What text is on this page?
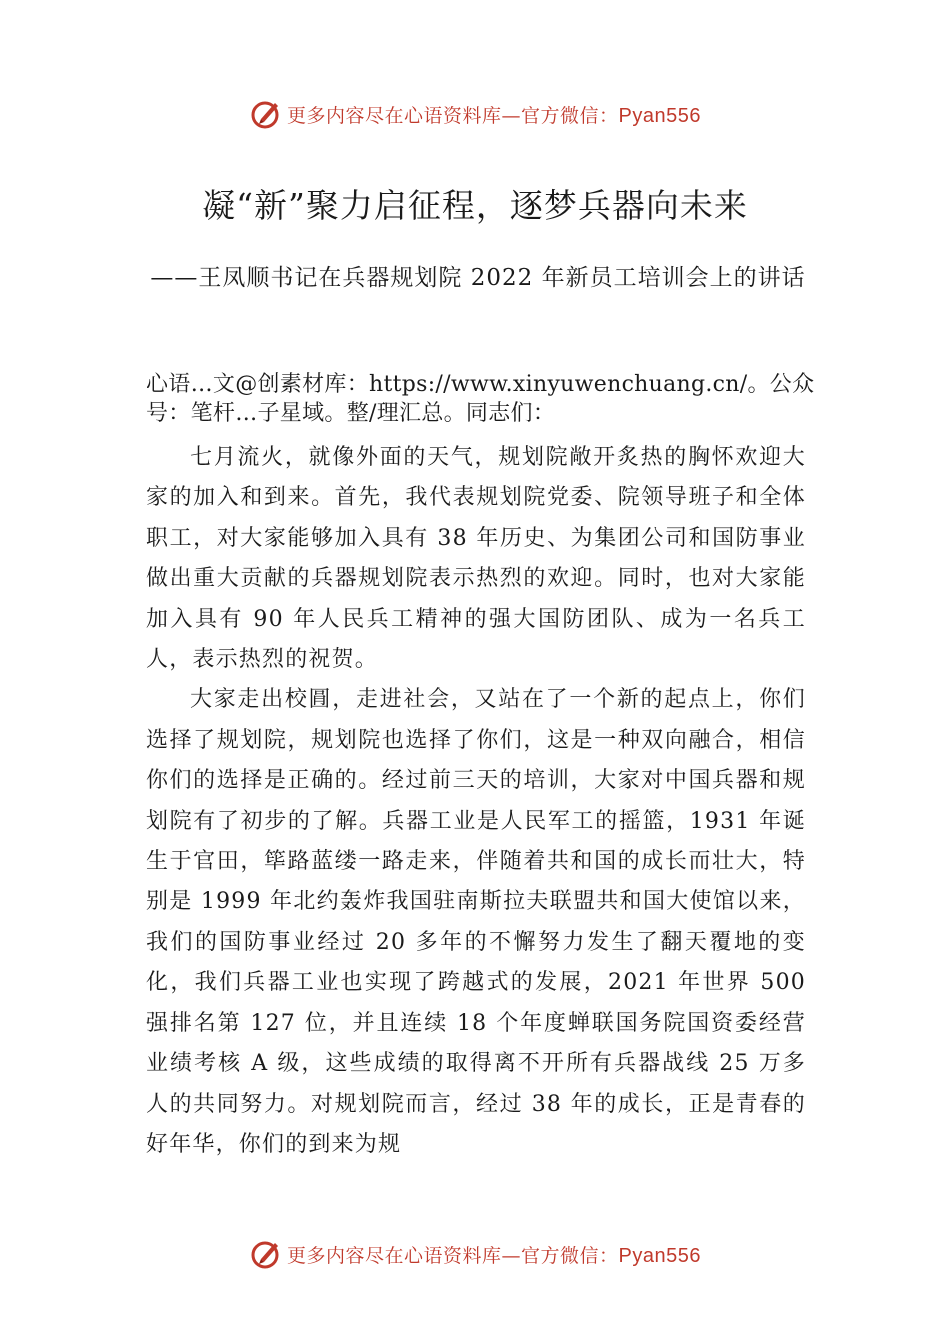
更多内容尽在心语资料库—官方微信：Pyan556
凝“新”聚力启征程，逐梦兵器向未来

——王凤顺书记在兵器规划院 2022 年新员工培训会上的讲话

心语…文@创素材库：https://www.xinyuwenchuang.cn/。公众号：笔杆…子星域。整/理汇总。同志们：

七月流火，就像外面的天气，规划院敞开炙热的胸怀欢迎大家的加入和到来。首先，我代表规划院党委、院领导班子和全体职工，对大家能够加入具有 38 年历史、为集团公司和国防事业做出重大贡献的兵器规划院表示热烈的欢迎。同时，也对大家能加入具有 90 年人民兵工精神的强大国防团队、成为一名兵工人，表示热烈的祝贺。

大家走出校㘣，走进社会，又站在了一个新的起点上，你们选择了规划院，规划院也选择了你们，这是一种双向融合，相信你们的选择是正确的。经过前三天的培训，大家对中国兵器和规划院有了初步的了解。兵器工业是人民军工的摇篮，1931 年诞生于官田，筚路蓝缕一路走来，伴随着共和国的成长而壮大，特别是 1999 年北约轰炸我国驻南斯拉夫联盟共和国大使馆以来，我们的国防事业经过 20 多年的不懈努力发生了翻天覆地的变化，我们兵器工业也实现了跨越式的发展，2021 年世界 500 强排名第 127 位，并且连续 18 个年度蝉联国务院国资委经营业绩考核 A 级，这些成绩的取得离不开所有兵器战线 25 万多人的共同努力。对规划院而言，经过 38 年的成长，正是青春的好年华，你们的到来为规

更多内容尽在心语资料库—官方微信：Pyan556
